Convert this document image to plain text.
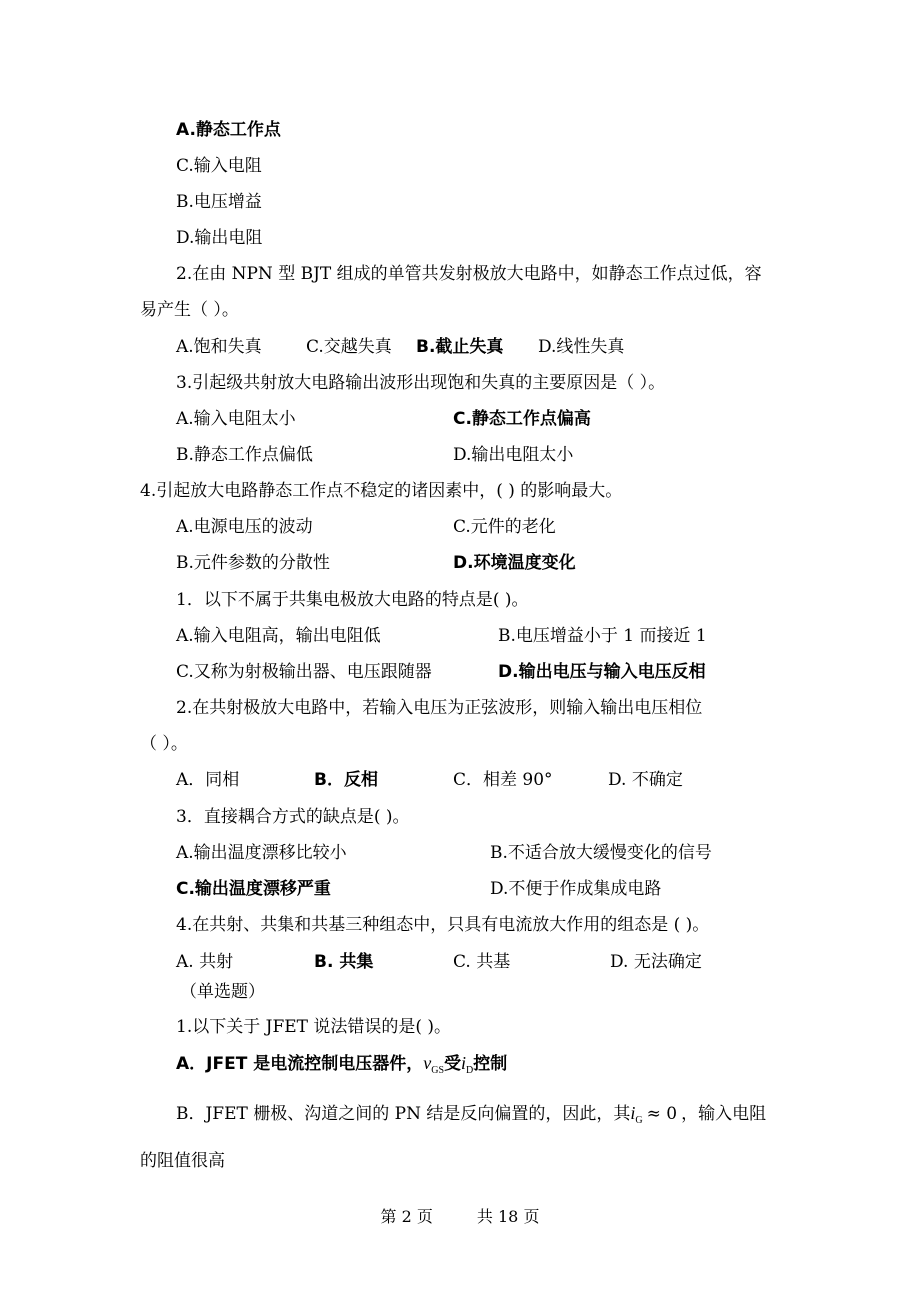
A.静态工作点
C.输入电阻
B.电压增益
D.输出电阻
2.在由 NPN 型 BJT 组成的单管共发射极放大电路中，如静态工作点过低，容
易产生（ ）。
A.饱和失真	C.交越失真 B.截止失真 D.线性失真
3.引起级共射放大电路输出波形出现饱和失真的主要原因是（ ）。
A.输入电阻太小	C.静态工作点偏高
B.静态工作点偏低	D.输出电阻太小
4.引起放大电路静态工作点不稳定的诸因素中，( ) 的影响最大。
A.电源电压的波动	C.元件的老化
B.元件参数的分散性	D.环境温度变化
1．以下不属于共集电极放大电路的特点是( )。
A.输入电阻高，输出电阻低	B.电压增益小于 1 而接近 1
C.又称为射极输出器、电压跟随器	D.输出电压与输入电压反相
2.在共射极放大电路中，若输入电压为正弦波形，则输入输出电压相位
（ ）。
A．同相	B．反相	C．相差 90°	D. 不确定
3．直接耦合方式的缺点是( )。
A.输出温度漂移比较小	B.不适合放大缓慢变化的信号
C.输出温度漂移严重	D.不便于作成集成电路
4.在共射、共集和共基三种组态中，只具有电流放大作用的组态是 ( )。
A. 共射	B. 共集	C. 共基	D. 无法确定
（单选题）
1.以下关于 JFET 说法错误的是( )。
A．JFET 是电流控制电压器件，$v_{GS}$受$i_D$控制
B．JFET 栅极、沟道之间的 PN 结是反向偏置的，因此，其$i_G \approx 0$ ，输入电阻
的阻值很高
第 2 页	共 18 页
